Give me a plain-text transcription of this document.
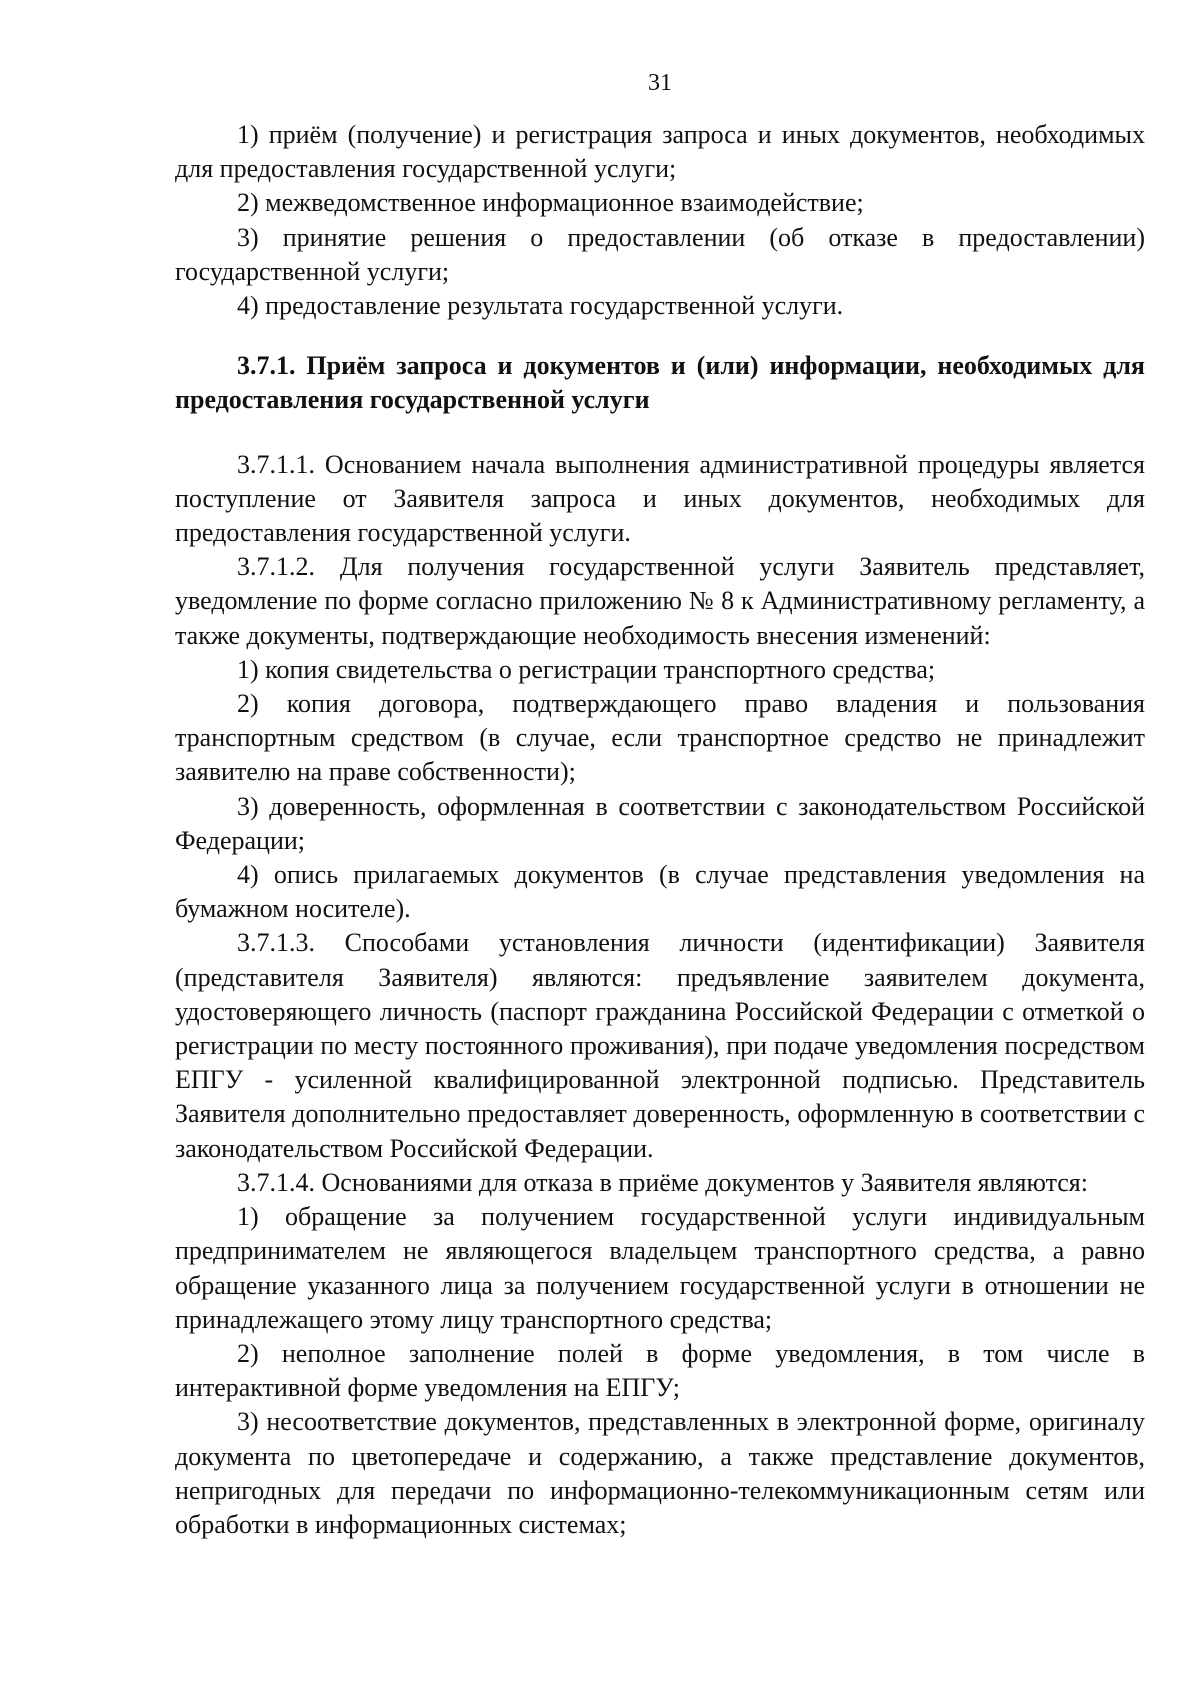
31

1) приём (получение) и регистрация запроса и иных документов, необходимых для предоставления государственной услуги;

2) межведомственное информационное взаимодействие;

3) принятие решения о предоставлении (об отказе в предоставлении) государственной услуги;

4) предоставление результата государственной услуги.

3.7.1. Приём запроса и документов и (или) информации, необходимых для предоставления государственной услуги

3.7.1.1. Основанием начала выполнения административной процедуры является поступление от Заявителя запроса и иных документов, необходимых для предоставления государственной услуги.

3.7.1.2. Для получения государственной услуги Заявитель представляет, уведомление по форме согласно приложению № 8 к Административному регламенту, а также документы, подтверждающие необходимость внесения изменений:

1) копия свидетельства о регистрации транспортного средства;

2) копия договора, подтверждающего право владения и пользования транспортным средством (в случае, если транспортное средство не принадлежит заявителю на праве собственности);

3) доверенность, оформленная в соответствии с законодательством Российской Федерации;

4) опись прилагаемых документов (в случае представления уведомления на бумажном носителе).

3.7.1.3. Способами установления личности (идентификации) Заявителя (представителя Заявителя) являются: предъявление заявителем документа, удостоверяющего личность (паспорт гражданина Российской Федерации с отметкой о регистрации по месту постоянного проживания), при подаче уведомления посредством ЕПГУ - усиленной квалифицированной электронной подписью. Представитель Заявителя дополнительно предоставляет доверенность, оформленную в соответствии с законодательством Российской Федерации.

3.7.1.4. Основаниями для отказа в приёме документов у Заявителя являются:

1) обращение за получением государственной услуги индивидуальным предпринимателем не являющегося владельцем транспортного средства, а равно обращение указанного лица за получением государственной услуги в отношении не принадлежащего этому лицу транспортного средства;

2) неполное заполнение полей в форме уведомления, в том числе в интерактивной форме уведомления на ЕПГУ;

3) несоответствие документов, представленных в электронной форме, оригиналу документа по цветопередаче и содержанию, а также представление документов, непригодных для передачи по информационно-телекоммуникационным сетям или обработки в информационных системах;
